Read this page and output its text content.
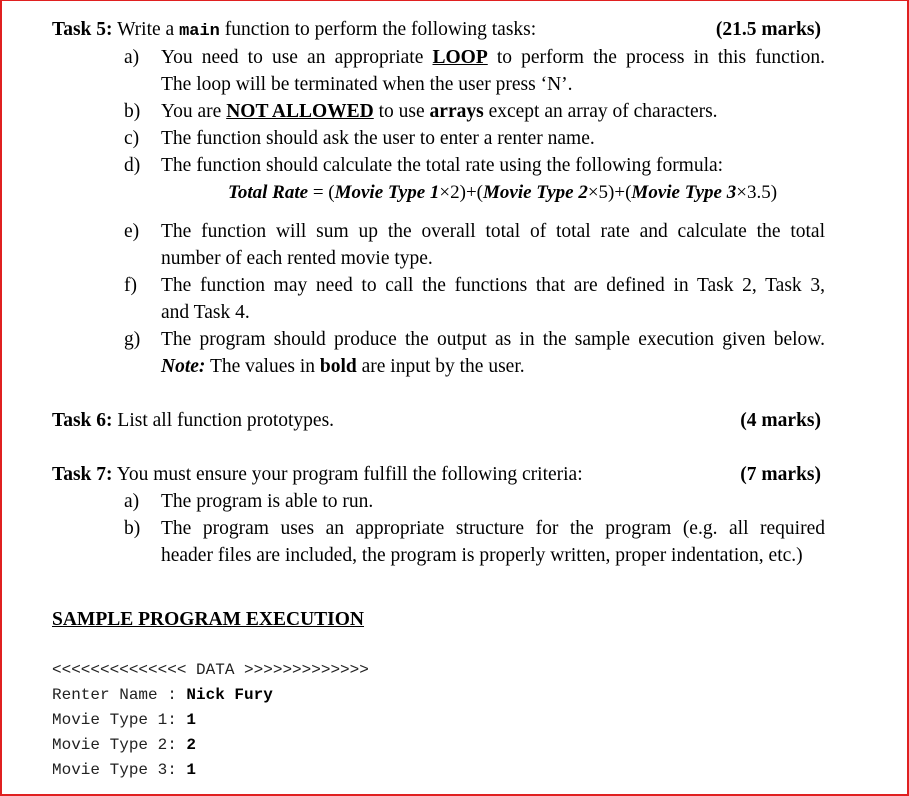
Task 5: Write a main function to perform the following tasks:	(21.5 marks)
a) You need to use an appropriate LOOP to perform the process in this function.
The loop will be terminated when the user press ‘N’.
b) You are NOT ALLOWED to use arrays except an array of characters.
c) The function should ask the user to enter a renter name.
d) The function should calculate the total rate using the following formula:
Total Rate = (Movie Type 1×2)+(Movie Type 2×5)+(Movie Type 3×3.5)
e) The function will sum up the overall total of total rate and calculate the total
number of each rented movie type.
f) The function may need to call the functions that are defined in Task 2, Task 3,
and Task 4.
g) The program should produce the output as in the sample execution given below.
Note: The values in bold are input by the user.
Task 6: List all function prototypes.	(4 marks)
Task 7: You must ensure your program fulfill the following criteria:	(7 marks)
a) The program is able to run.
b) The program uses an appropriate structure for the program (e.g. all required
header files are included, the program is properly written, proper indentation, etc.)
SAMPLE PROGRAM EXECUTION
<<<<<<<<<<<<<< DATA >>>>>>>>>>>>>
Renter Name : Nick Fury
Movie Type 1: 1
Movie Type 2: 2
Movie Type 3: 1
